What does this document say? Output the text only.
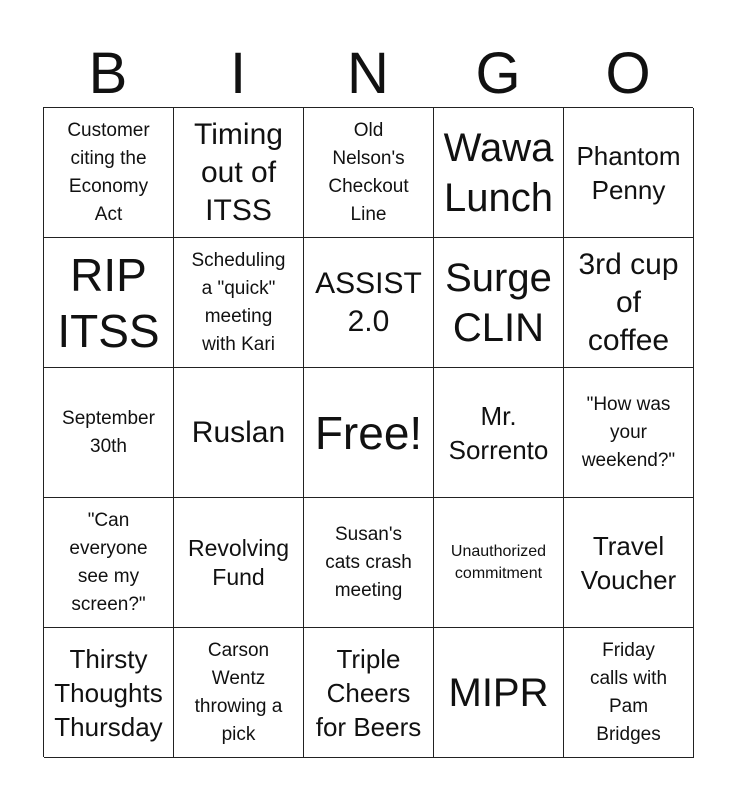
B	I	N	G	O
Customer
citing the
Economy
Act
Timing
out of
ITSS
Old
Nelson's
Checkout
Line
Wawa
Lunch
Phantom
Penny
RIP
ITSS
Scheduling
a "quick"
meeting
with Kari
ASSIST
2.0
Surge
CLIN
3rd cup
of
coffee
September
30th	Ruslan Free!	Mr.
Sorrento
"How was
your
weekend?"
"Can
everyone
see my
screen?"
Revolving
Fund
Susan's
cats crash
meeting
Unauthorized
commitment
Travel
Voucher
Thirsty
Thoughts
Thursday
Carson
Wentz
throwing a
pick
Triple
Cheers
for Beers
MIPR
Friday
calls with
Pam
Bridges
